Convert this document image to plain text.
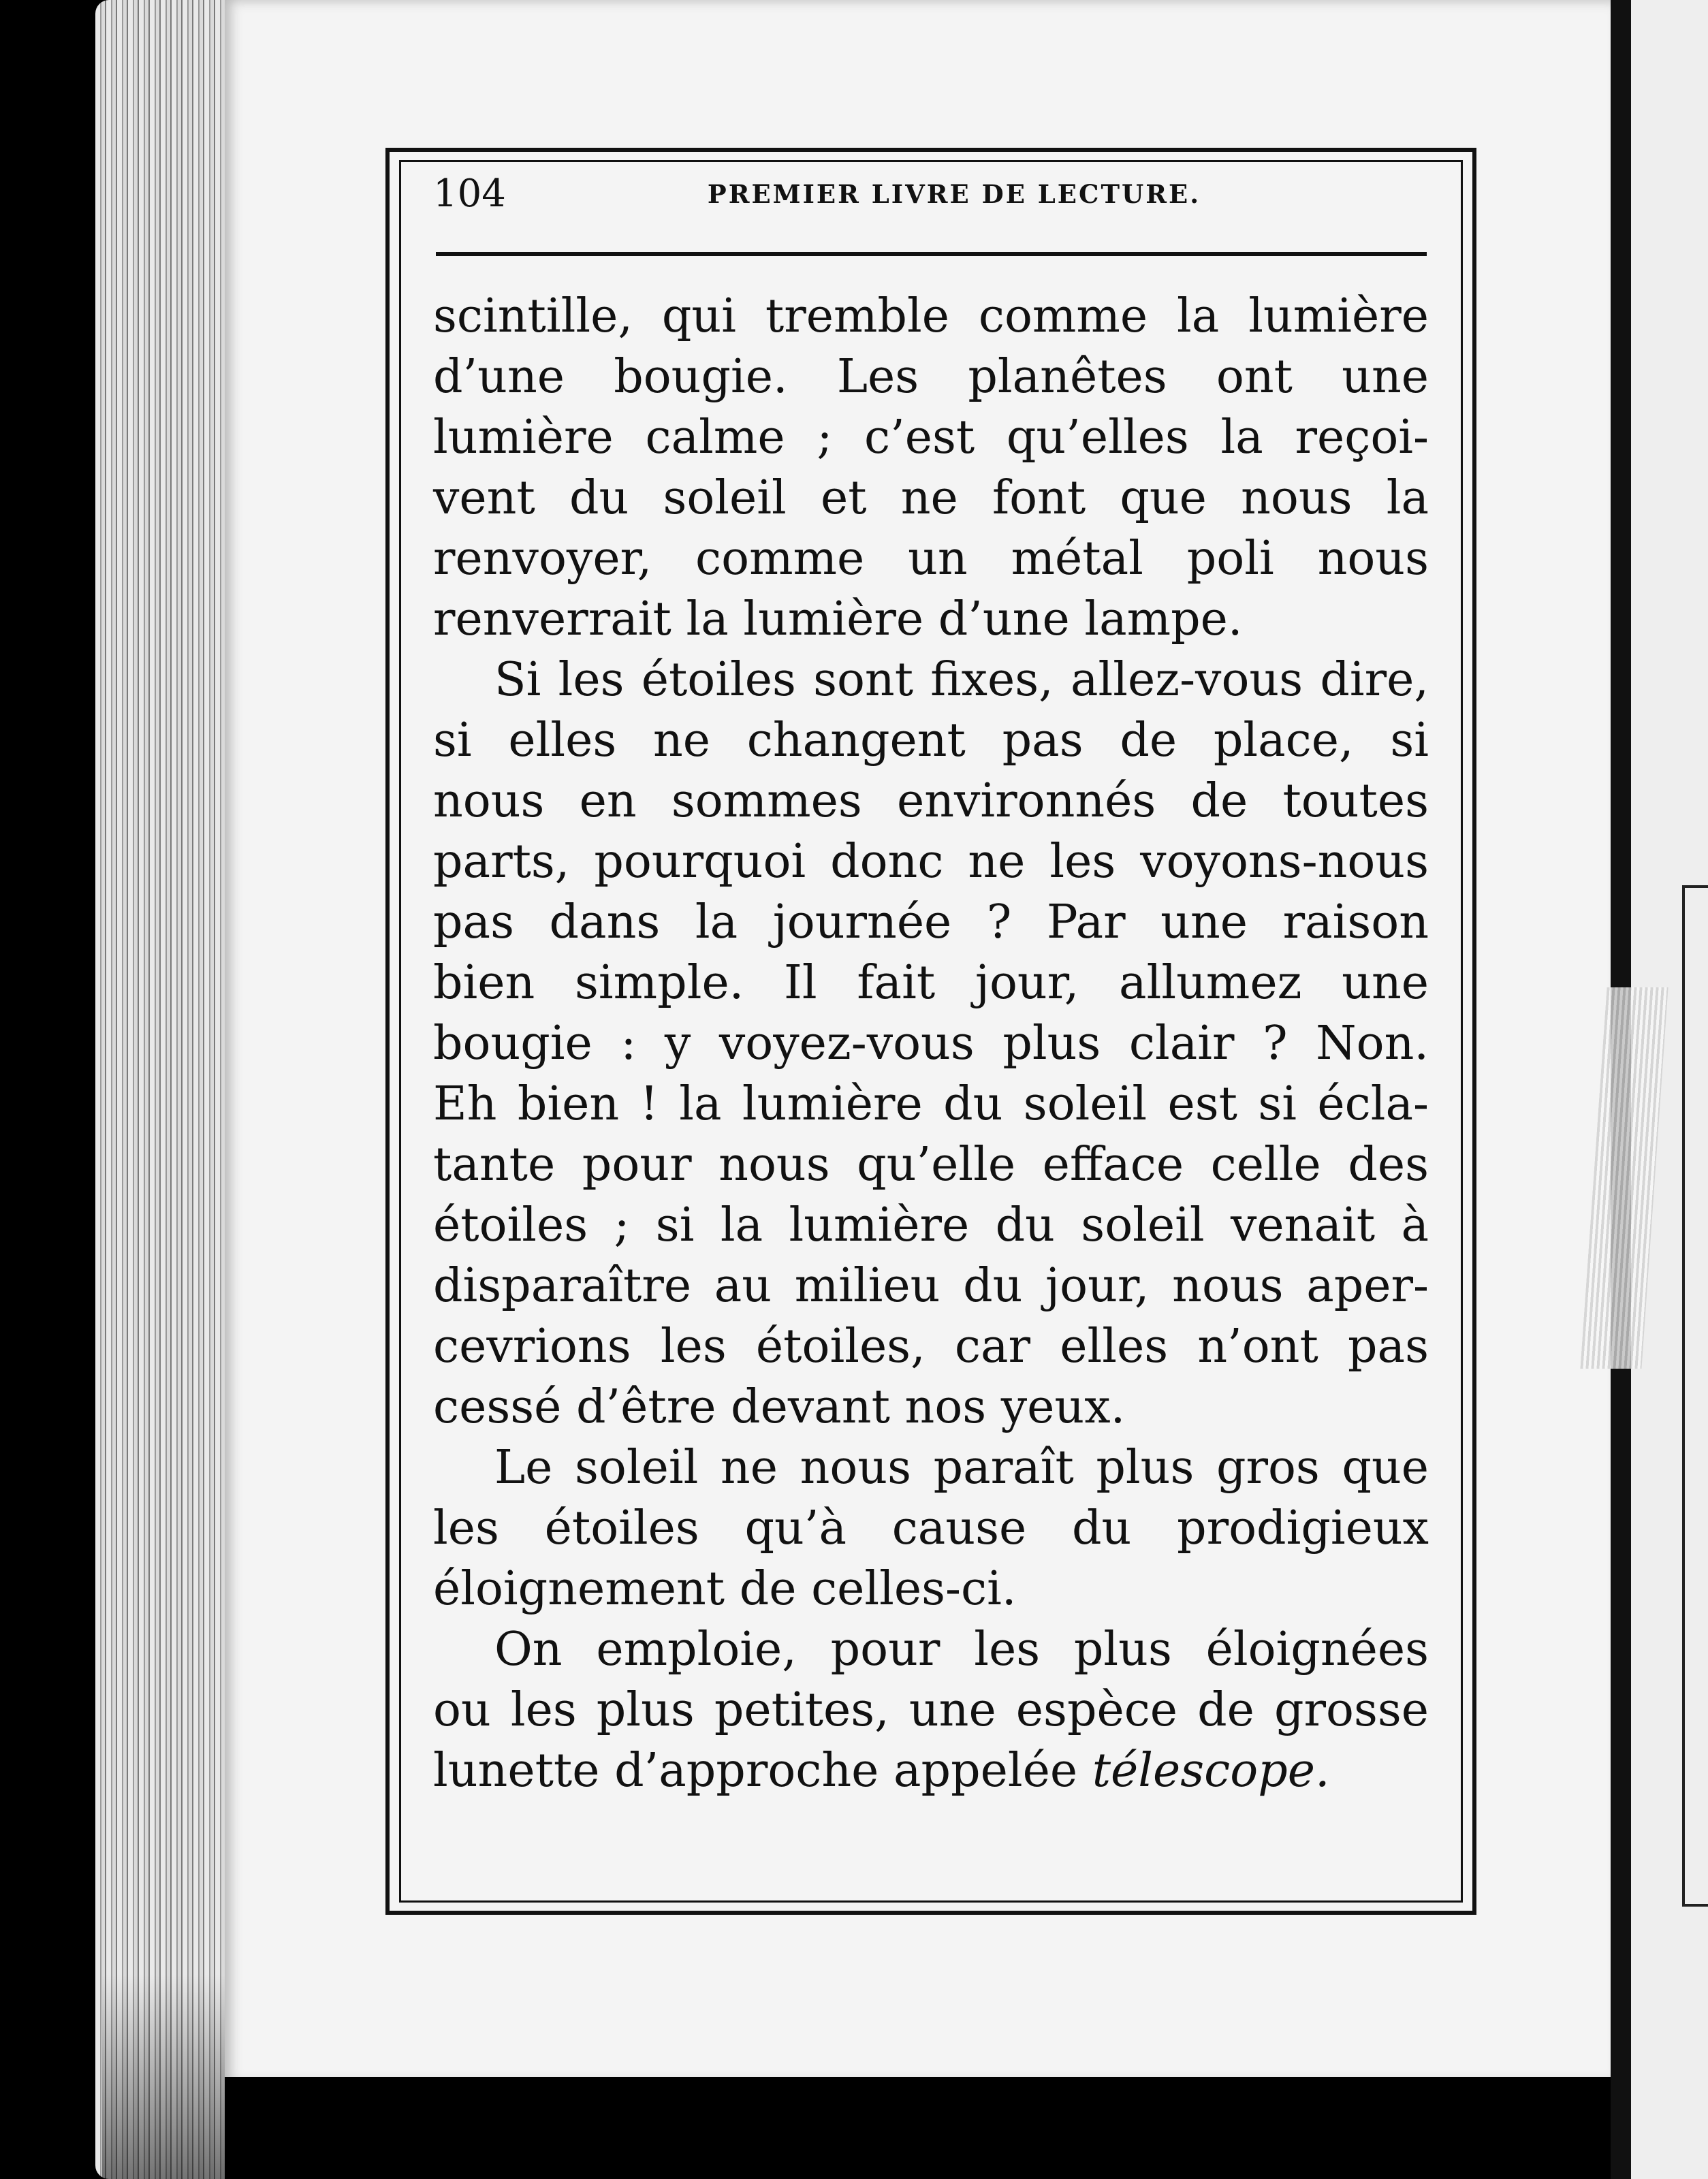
104	PREMIER LIVRE DE LECTURE.
scintille, qui tremble comme la lumière
d’une bougie. Les planêtes ont une
lumière calme ; c’est qu’elles la reçoi-
vent du soleil et ne font que nous la
renvoyer, comme un métal poli nous
renverrait la lumière d’une lampe.
Si les étoiles sont fixes, allez-vous dire,
si elles ne changent pas de place, si
nous en sommes environnés de toutes
parts, pourquoi donc ne les voyons-nous
pas dans la journée ? Par une raison
bien simple. Il fait jour, allumez une
bougie : y voyez-vous plus clair ? Non.
Eh bien ! la lumière du soleil est si écla-
tante pour nous qu’elle efface celle des
étoiles ; si la lumière du soleil venait à
disparaître au milieu du jour, nous aper-
cevrions les étoiles, car elles n’ont pas
cessé d’être devant nos yeux.
Le soleil ne nous paraît plus gros que
les étoiles qu’à cause du prodigieux
éloignement de celles-ci.
On emploie, pour les plus éloignées
ou les plus petites, une espèce de grosse
lunette d’approche appelée télescope.
